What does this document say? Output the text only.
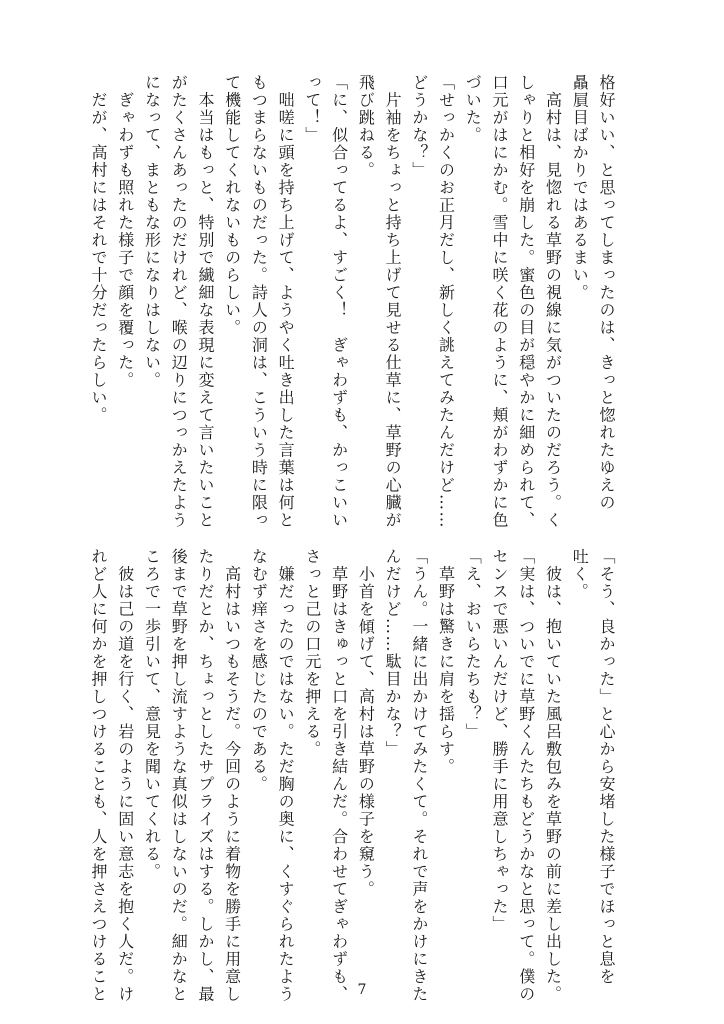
格好いい、と思ってしまったのは、きっと惚れたゆえの
贔屓目ばかりではあるまい。
　高村は、見惚れる草野の視線に気がついたのだろう。く
しゃりと相好を崩した。蜜色の目が穏やかに細められて、
口元がはにかむ。雪中に咲く花のように、頬がわずかに色
づいた。
「せっかくのお正月だし、新しく誂えてみたんだけど……
どうかな？」
　片袖をちょっと持ち上げて見せる仕草に、草野の心臓が
飛び跳ねる。
「に、似合ってるよ、すごく！　ぎゃわずも、かっこいい
って！」
　咄嗟に頭を持ち上げて、ようやく吐き出した言葉は何と
もつまらないものだった。詩人の洞は、こういう時に限っ
て機能してくれないものらしい。
　本当はもっと、特別で繊細な表現に変えて言いたいこと
がたくさんあったのだけれど、喉の辺りにつっかえたよう
になって、まともな形になりはしない。
　ぎゃわずも照れた様子で顔を覆った。
　だが、高村にはそれで十分だったらしい。
「そう、良かった」と心から安堵した様子でほっと息を
吐く。
　彼は、抱いていた風呂敷包みを草野の前に差し出した。
「実は、ついでに草野くんたちもどうかなと思って。僕の
センスで悪いんだけど、勝手に用意しちゃった」
「え、おいらたちも？」
　草野は驚きに肩を揺らす。
「うん。一緒に出かけてみたくて。それで声をかけにきた
んだけど……駄目かな？」
　小首を傾げて、高村は草野の様子を窺う。
　草野はきゅっと口を引き結んだ。合わせてぎゃわずも、
さっと己の口元を押える。
　嫌だったのではない。ただ胸の奥に、くすぐられたよう
なむず痒さを感じたのである。
　高村はいつもそうだ。今回のように着物を勝手に用意し
たりだとか、ちょっとしたサプライズはする。しかし、最
後まで草野を押し流すような真似はしないのだ。細かなと
ころで一歩引いて、意見を聞いてくれる。
　彼は己の道を行く、岩のように固い意志を抱く人だ。け
れど人に何かを押しつけることも、人を押さえつけること	7
